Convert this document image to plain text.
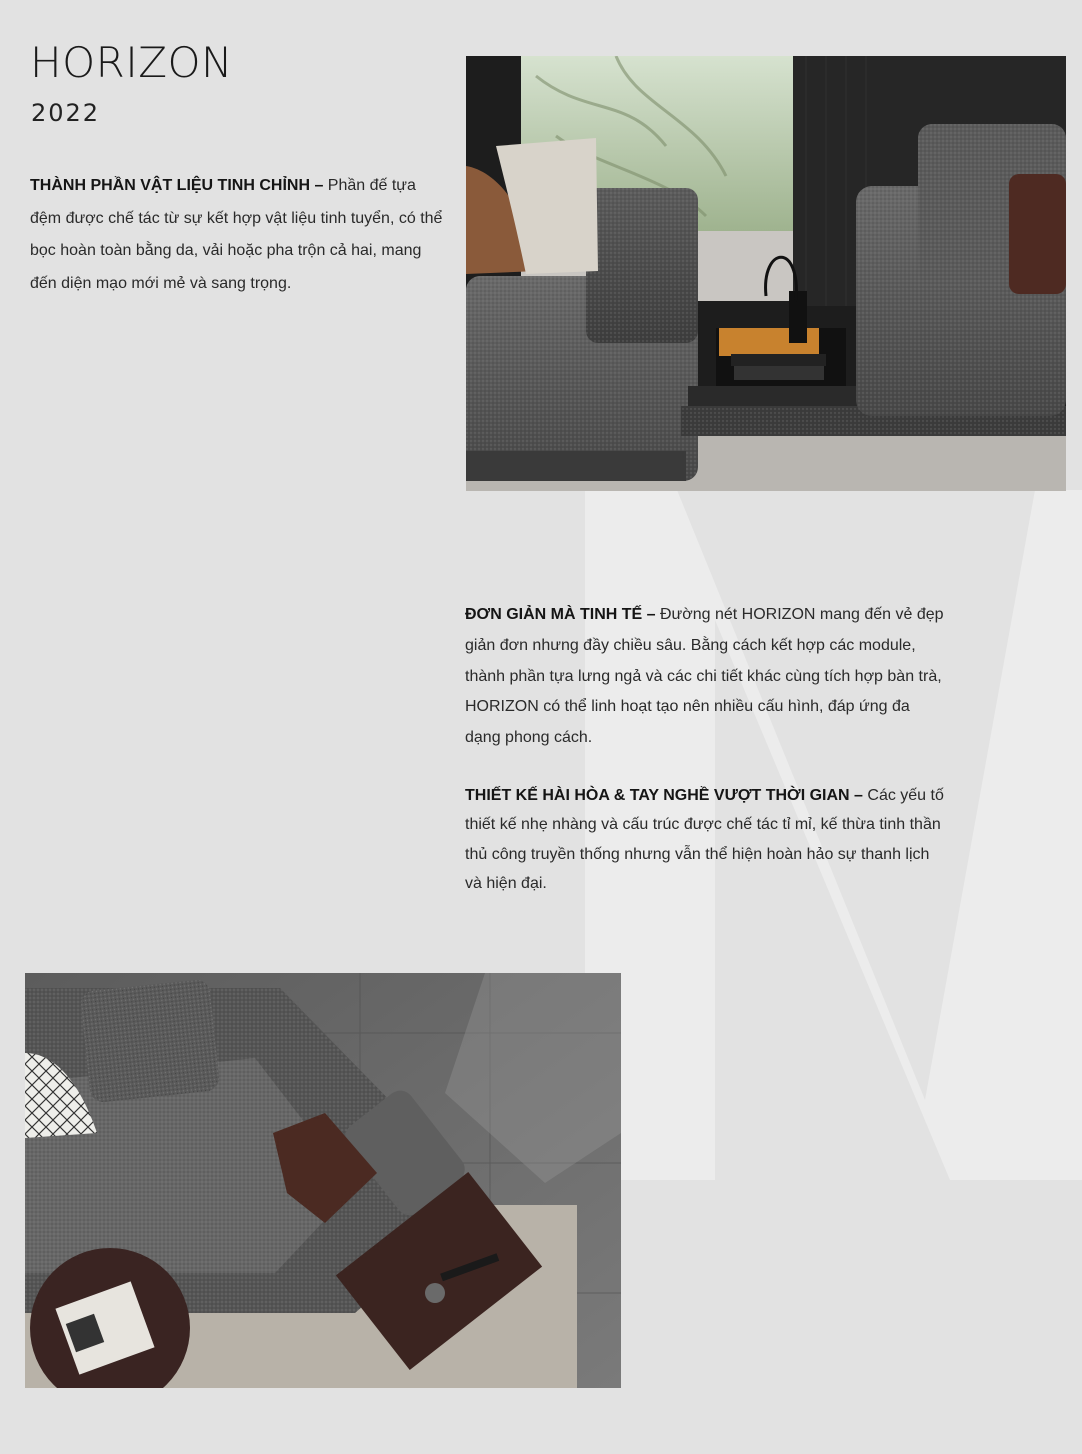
HORIZON
2022

THÀNH PHẦN VẬT LIỆU TINH CHỈNH – Phần đế tựa đệm được chế tác từ sự kết hợp vật liệu tinh tuyển, có thể bọc hoàn toàn bằng da, vải hoặc pha trộn cả hai, mang đến diện mạo mới mẻ và sang trọng.

ĐƠN GIẢN MÀ TINH TẾ – Đường nét HORIZON mang đến vẻ đẹp giản đơn nhưng đầy chiều sâu. Bằng cách kết hợp các module, thành phần tựa lưng ngả và các chi tiết khác cùng tích hợp bàn trà, HORIZON có thể linh hoạt tạo nên nhiều cấu hình, đáp ứng đa dạng phong cách.

THIẾT KẾ HÀI HÒA & TAY NGHỀ VƯỢT THỜI GIAN – Các yếu tố thiết kế nhẹ nhàng và cấu trúc được chế tác tỉ mỉ, kế thừa tinh thần thủ công truyền thống nhưng vẫn thể hiện hoàn hảo sự thanh lịch và hiện đại.
